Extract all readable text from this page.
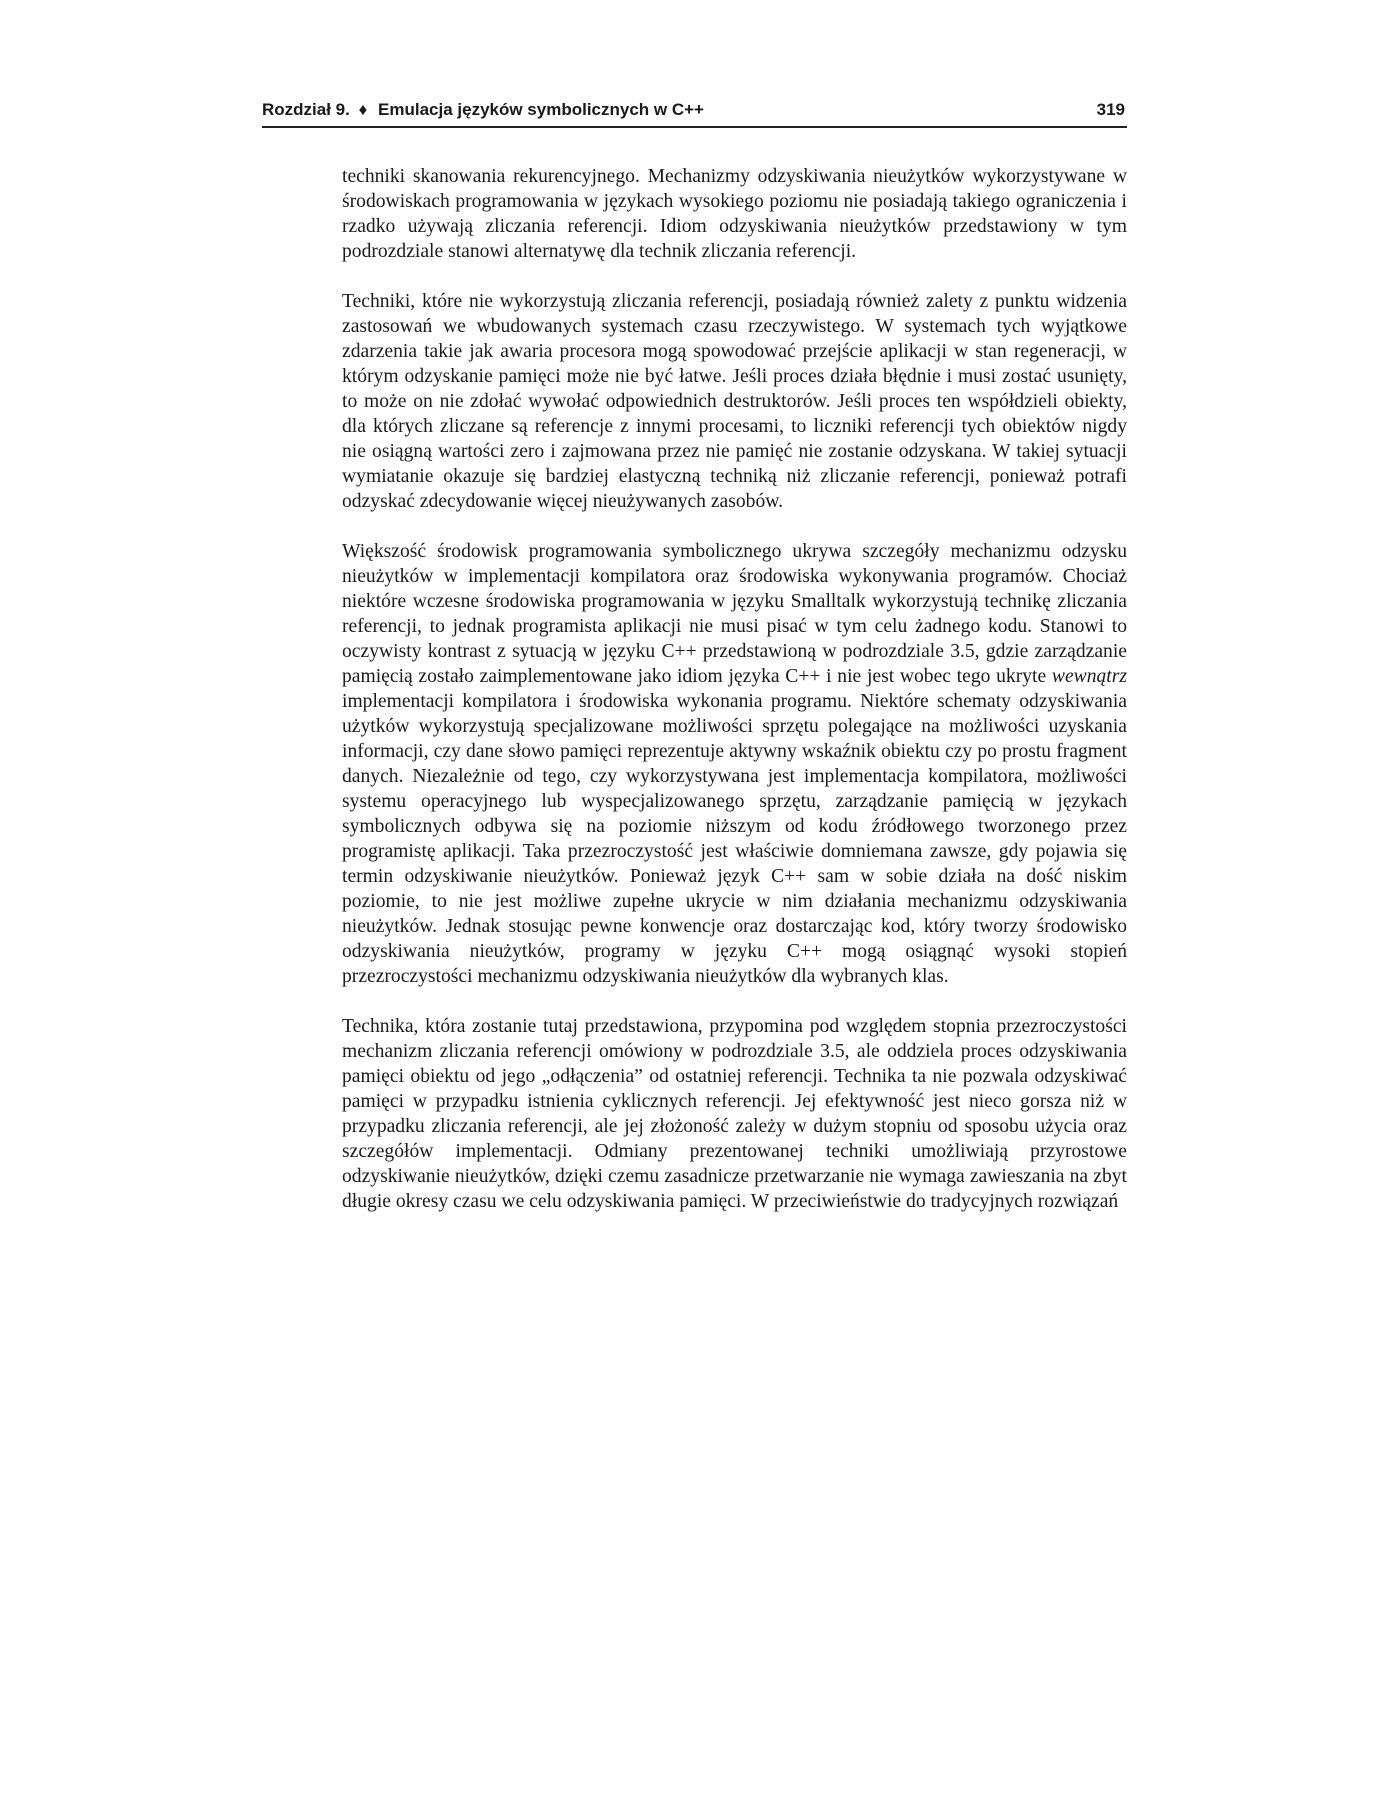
Rozdział 9. ♦ Emulacja języków symbolicznych w C++	319

techniki skanowania rekurencyjnego. Mechanizmy odzyskiwania nieużytków wykorzystywane w środowiskach programowania w językach wysokiego poziomu nie posiadają takiego ograniczenia i rzadko używają zliczania referencji. Idiom odzyskiwania nieużytków przedstawiony w tym podrozdziale stanowi alternatywę dla technik zliczania referencji.

Techniki, które nie wykorzystują zliczania referencji, posiadają również zalety z punktu widzenia zastosowań we wbudowanych systemach czasu rzeczywistego. W systemach tych wyjątkowe zdarzenia takie jak awaria procesora mogą spowodować przejście aplikacji w stan regeneracji, w którym odzyskanie pamięci może nie być łatwe. Jeśli proces działa błędnie i musi zostać usunięty, to może on nie zdołać wywołać odpowiednich destruktorów. Jeśli proces ten współdzieli obiekty, dla których zliczane są referencje z innymi procesami, to liczniki referencji tych obiektów nigdy nie osiągną wartości zero i zajmowana przez nie pamięć nie zostanie odzyskana. W takiej sytuacji wymiatanie okazuje się bardziej elastyczną techniką niż zliczanie referencji, ponieważ potrafi odzyskać zdecydowanie więcej nieużywanych zasobów.

Większość środowisk programowania symbolicznego ukrywa szczegóły mechanizmu odzysku nieużytków w implementacji kompilatora oraz środowiska wykonywania programów. Chociaż niektóre wczesne środowiska programowania w języku Smalltalk wykorzystują technikę zliczania referencji, to jednak programista aplikacji nie musi pisać w tym celu żadnego kodu. Stanowi to oczywisty kontrast z sytuacją w języku C++ przedstawioną w podrozdziale 3.5, gdzie zarządzanie pamięcią zostało zaimplementowane jako idiom języka C++ i nie jest wobec tego ukryte wewnątrz implementacji kompilatora i środowiska wykonania programu. Niektóre schematy odzyskiwania użytków wykorzystują specjalizowane możliwości sprzętu polegające na możliwości uzyskania informacji, czy dane słowo pamięci reprezentuje aktywny wskaźnik obiektu czy po prostu fragment danych. Niezależnie od tego, czy wykorzystywana jest implementacja kompilatora, możliwości systemu operacyjnego lub wyspecjalizowanego sprzętu, zarządzanie pamięcią w językach symbolicznych odbywa się na poziomie niższym od kodu źródłowego tworzonego przez programistę aplikacji. Taka przezroczystość jest właściwie domniemana zawsze, gdy pojawia się termin odzyskiwanie nieużytków. Ponieważ język C++ sam w sobie działa na dość niskim poziomie, to nie jest możliwe zupełne ukrycie w nim działania mechanizmu odzyskiwania nieużytków. Jednak stosując pewne konwencje oraz dostarczając kod, który tworzy środowisko odzyskiwania nieużytków, programy w języku C++ mogą osiągnąć wysoki stopień przezroczystości mechanizmu odzyskiwania nieużytków dla wybranych klas.

Technika, która zostanie tutaj przedstawiona, przypomina pod względem stopnia przezroczystości mechanizm zliczania referencji omówiony w podrozdziale 3.5, ale oddziela proces odzyskiwania pamięci obiektu od jego „odłączenia” od ostatniej referencji. Technika ta nie pozwala odzyskiwać pamięci w przypadku istnienia cyklicznych referencji. Jej efektywność jest nieco gorsza niż w przypadku zliczania referencji, ale jej złożoność zależy w dużym stopniu od sposobu użycia oraz szczegółów implementacji. Odmiany prezentowanej techniki umożliwiają przyrostowe odzyskiwanie nieużytków, dzięki czemu zasadnicze przetwarzanie nie wymaga zawieszania na zbyt długie okresy czasu we celu odzyskiwania pamięci. W przeciwieństwie do tradycyjnych rozwiązań
